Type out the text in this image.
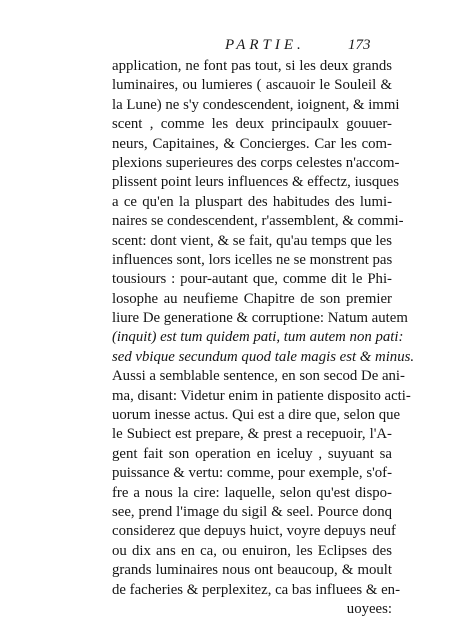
PARTIE.	173
application, ne font pas tout, si les deux grands
luminaires, ou lumieres ( ascauoir le Souleil &
la Lune) ne s'y condescendent, ioignent, & immi
scent , comme les deux principaulx gouuer-
neurs, Capitaines, & Concierges. Car les com-
plexions superieures des corps celestes n'accom-
plissent point leurs influences & effectz, iusques
a ce qu'en la pluspart des habitudes des lumi-
naires se condescendent, r'assemblent, & commi-
scent: dont vient, & se fait, qu'au temps que les
influences sont, lors icelles ne se monstrent pas
tousiours : pour-autant que, comme dit le Phi-
losophe au neufieme Chapitre de son premier
liure De generatione & corruptione: Natum autem
(inquit) est tum quidem pati, tum autem non pati:
sed vbique secundum quod tale magis est & minus.
Aussi a semblable sentence, en son secod De ani-
ma, disant: Videtur enim in patiente disposito acti-
uorum inesse actus. Qui est a dire que, selon que
le Subiect est prepare, & prest a recepuoir, l'A-
gent fait son operation en iceluy , suyuant sa
puissance & vertu: comme, pour exemple, s'of-
fre a nous la cire: laquelle, selon qu'est dispo-
see, prend l'image du sigil & seel. Pource donq
considerez que depuys huict, voyre depuys neuf
ou dix ans en ca, ou enuiron, les Eclipses des
grands luminaires nous ont beaucoup, & moult
de facheries & perplexitez, ca bas influees & en-
uoyees:
